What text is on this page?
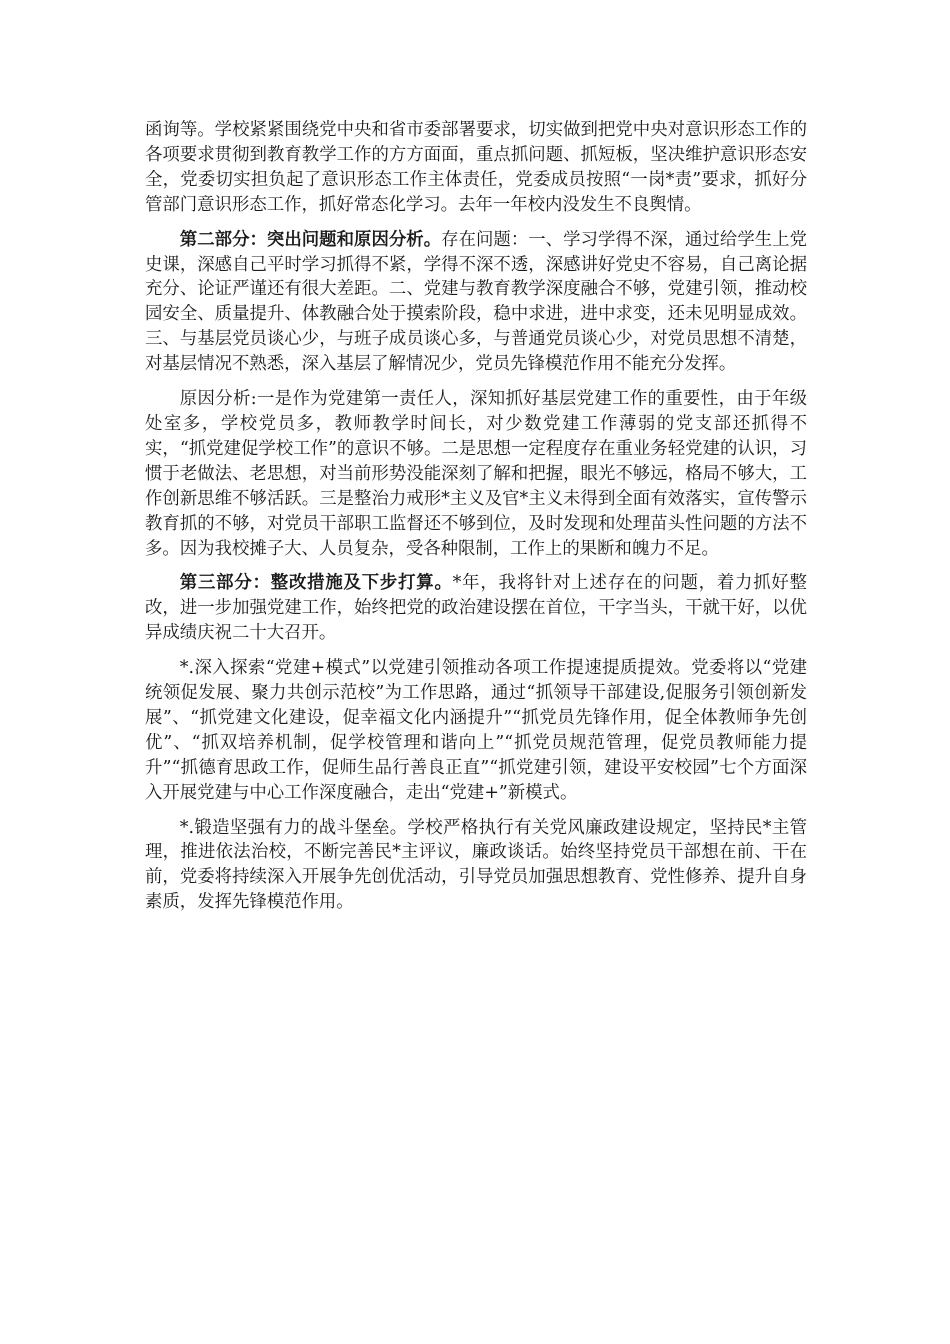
函询等。学校紧紧围绕党中央和省市委部署要求，切实做到把党中央对意识形态工作的各项要求贯彻到教育教学工作的方方面面，重点抓问题、抓短板，坚决维护意识形态安全，党委切实担负起了意识形态工作主体责任，党委成员按照“一岗*责”要求，抓好分管部门意识形态工作，抓好常态化学习。去年一年校内没发生不良舆情。

第二部分：突出问题和原因分析。存在问题：一、学习学得不深，通过给学生上党史课，深感自己平时学习抓得不紧，学得不深不透，深感讲好党史不容易，自己离论据充分、论证严谨还有很大差距。二、党建与教育教学深度融合不够，党建引领，推动校园安全、质量提升、体教融合处于摸索阶段，稳中求进，进中求变，还未见明显成效。三、与基层党员谈心少，与班子成员谈心多，与普通党员谈心少，对党员思想不清楚，对基层情况不熟悉，深入基层了解情况少，党员先锋模范作用不能充分发挥。

原因分析:一是作为党建第一责任人，深知抓好基层党建工作的重要性，由于年级处室多，学校党员多，教师教学时间长，对少数党建工作薄弱的党支部还抓得不实，“抓党建促学校工作”的意识不够。二是思想一定程度存在重业务轻党建的认识，习惯于老做法、老思想，对当前形势没能深刻了解和把握，眼光不够远，格局不够大，工作创新思维不够活跃。三是整治力戒形*主义及官*主义未得到全面有效落实，宣传警示教育抓的不够，对党员干部职工监督还不够到位，及时发现和处理苗头性问题的方法不多。因为我校摊子大、人员复杂，受各种限制，工作上的果断和魄力不足。

第三部分：整改措施及下步打算。*年，我将针对上述存在的问题，着力抓好整改，进一步加强党建工作，始终把党的政治建设摆在首位，干字当头，干就干好，以优异成绩庆祝二十大召开。

*.深入探索“党建+模式”以党建引领推动各项工作提速提质提效。党委将以“党建统领促发展、聚力共创示范校”为工作思路，通过“抓领导干部建设,促服务引领创新发展”、“抓党建文化建设，促幸福文化内涵提升”“抓党员先锋作用，促全体教师争先创优”、“抓双培养机制，促学校管理和谐向上”“抓党员规范管理，促党员教师能力提升”“抓德育思政工作，促师生品行善良正直”“抓党建引领，建设平安校园”七个方面深入开展党建与中心工作深度融合，走出“党建+”新模式。

*.锻造坚强有力的战斗堡垒。学校严格执行有关党风廉政建设规定，坚持民*主管理，推进依法治校，不断完善民*主评议，廉政谈话。始终坚持党员干部想在前、干在前，党委将持续深入开展争先创优活动，引导党员加强思想教育、党性修养、提升自身素质，发挥先锋模范作用。
